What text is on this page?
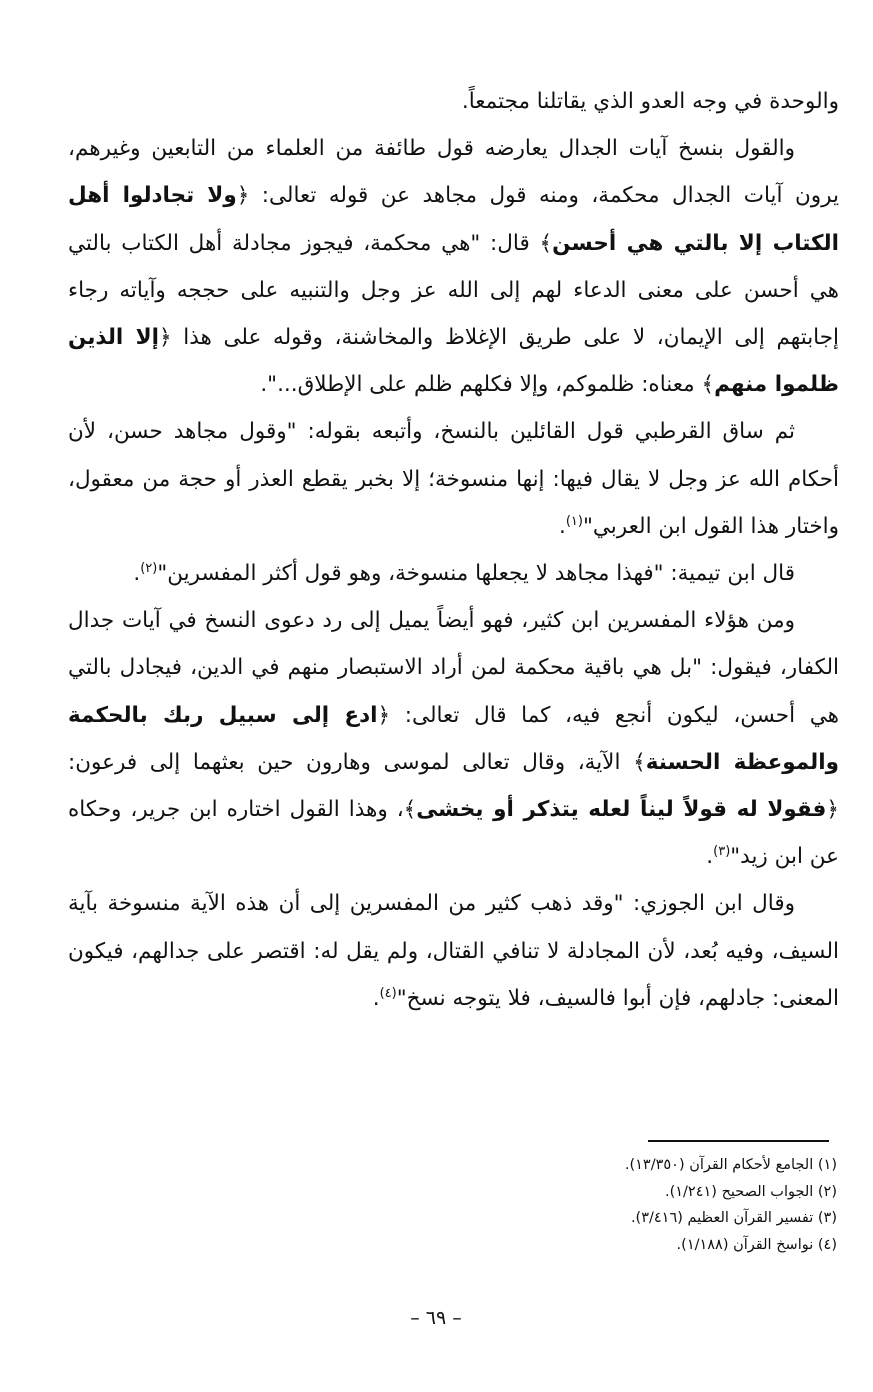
والوحدة في وجه العدو الذي يقاتلنا مجتمعاً.

والقول بنسخ آيات الجدال يعارضه قول طائفة من العلماء من التابعين وغيرهم، يرون آيات الجدال محكمة، ومنه قول مجاهد عن قوله تعالى: ﴿ولا تجادلوا أهل الكتاب إلا بالتي هي أحسن﴾ قال: "هي محكمة، فيجوز مجادلة أهل الكتاب بالتي هي أحسن على معنى الدعاء لهم إلى الله عز وجل والتنبيه على حججه وآياته رجاء إجابتهم إلى الإيمان، لا على طريق الإغلاظ والمخاشنة، وقوله على هذا ﴿إلا الذين ظلموا منهم﴾ معناه: ظلموكم، وإلا فكلهم ظلم على الإطلاق...".

ثم ساق القرطبي قول القائلين بالنسخ، وأتبعه بقوله: "وقول مجاهد حسن، لأن أحكام الله عز وجل لا يقال فيها: إنها منسوخة؛ إلا بخبر يقطع العذر أو حجة من معقول، واختار هذا القول ابن العربي"$^{(١)}$.

قال ابن تيمية: "فهذا مجاهد لا يجعلها منسوخة، وهو قول أكثر المفسرين"$^{(٢)}$.

ومن هؤلاء المفسرين ابن كثير، فهو أيضاً يميل إلى رد دعوى النسخ في آيات جدال الكفار، فيقول: "بل هي باقية محكمة لمن أراد الاستبصار منهم في الدين، فيجادل بالتي هي أحسن، ليكون أنجع فيه، كما قال تعالى: ﴿ادع إلى سبيل ربك بالحكمة والموعظة الحسنة﴾ الآية، وقال تعالى لموسى وهارون حين بعثهما إلى فرعون: ﴿فقولا له قولاً ليناً لعله يتذكر أو يخشى﴾، وهذا القول اختاره ابن جرير، وحكاه عن ابن زيد"$^{(٣)}$.

وقال ابن الجوزي: "وقد ذهب كثير من المفسرين إلى أن هذه الآية منسوخة بآية السيف، وفيه بُعد، لأن المجادلة لا تنافي القتال، ولم يقل له: اقتصر على جدالهم، فيكون المعنى: جادلهم، فإن أبوا فالسيف، فلا يتوجه نسخ"$^{(٤)}$.

(١) الجامع لأحكام القرآن (١٣/٣٥٠).

(٢) الجواب الصحيح (١/٢٤١).

(٣) تفسير القرآن العظيم (٣/٤١٦).

(٤) نواسخ القرآن (١/١٨٨).

– ٦٩ –
